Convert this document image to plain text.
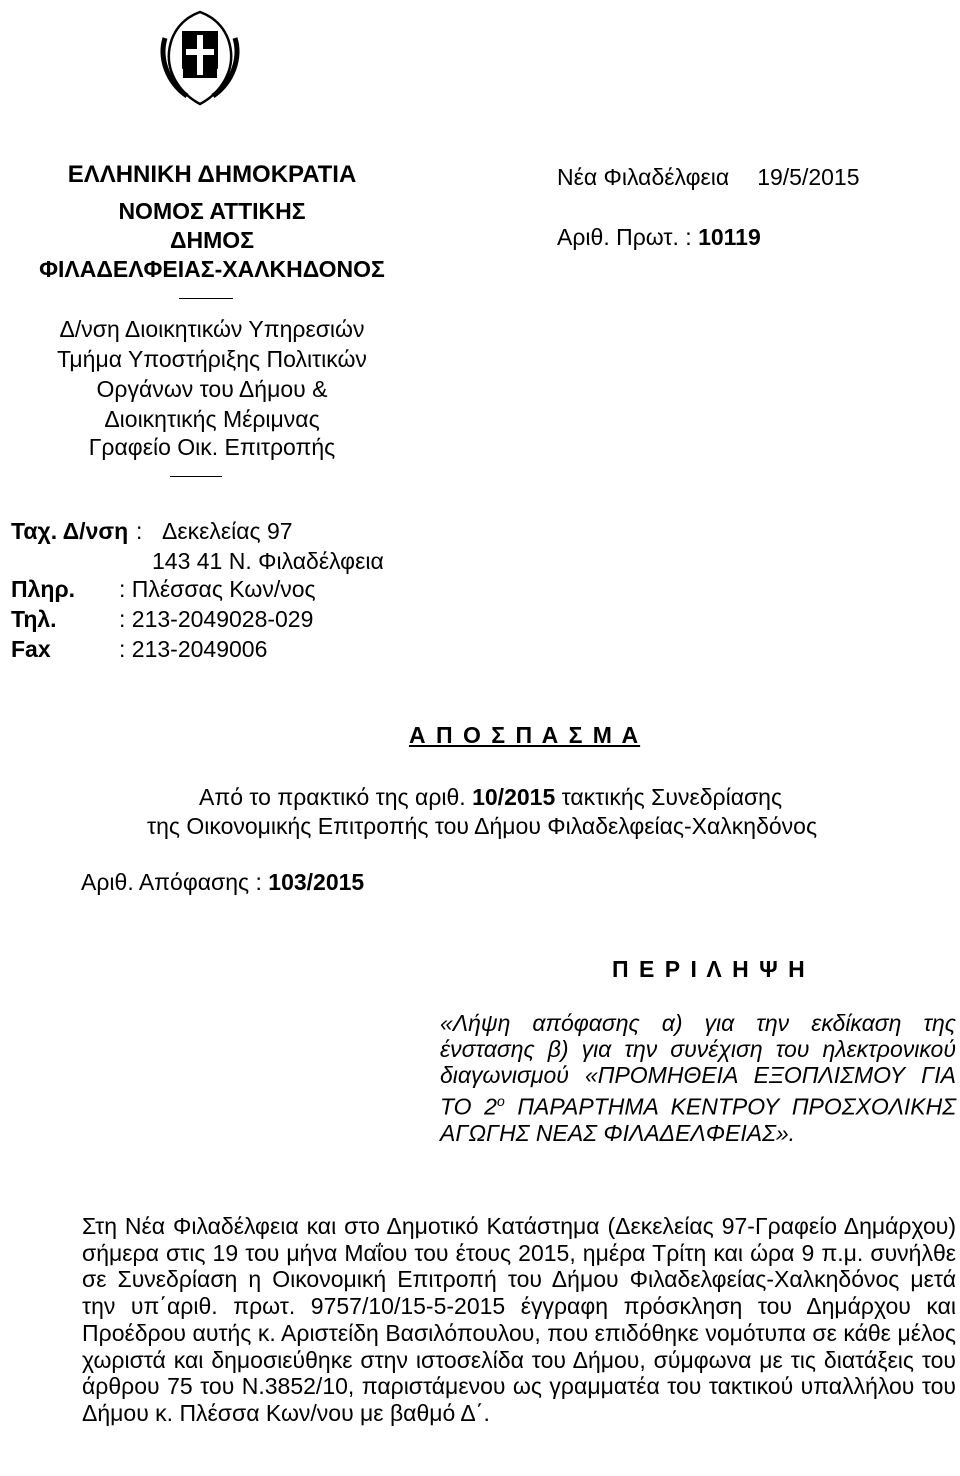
ΕΛΛΗΝΙΚΗ ΔΗΜΟΚΡΑΤΙΑ
ΝΟΜΟΣ ΑΤΤΙΚΗΣ
ΔΗΜΟΣ
ΦΙΛΑΔΕΛΦΕΙΑΣ-ΧΑΛΚΗΔΟΝΟΣ
Δ/νση Διοικητικών Υπηρεσιών
Τμήμα Υποστήριξης Πολιτικών
Οργάνων του Δήμου &
Διοικητικής Μέριμνας
Γραφείο Οικ. Επιτροπής
Νέα Φιλαδέλφεια 19/5/2015
Αριθ. Πρωτ. : 10119
Ταχ. Δ/νση : Δεκελείας 97
143 41 Ν. Φιλαδέλφεια
Πληρ. : Πλέσσας Κων/νος
Τηλ.	: 213-2049028-029
Fax	: 213-2049006
Α Π Ο Σ Π Α Σ Μ Α
Από το πρακτικό της αριθ. 10/2015 τακτικής Συνεδρίασης
της Οικονομικής Επιτροπής του Δήμου Φιλαδελφείας-Χαλκηδόνος
Αριθ. Απόφασης : 103/2015
Π Ε Ρ Ι Λ Η Ψ Η
«Λήψη απόφασης α) για την εκδίκαση της ένστασης β) για την συνέχιση του ηλεκτρονικού διαγωνισμού «ΠΡΟΜΗΘΕΙΑ ΕΞΟΠΛΙΣΜΟΥ ΓΙΑ ΤΟ $2^o$ ΠΑΡΑΡΤΗΜΑ ΚΕΝΤΡΟΥ ΠΡΟΣΧΟΛΙΚΗΣ ΑΓΩΓΗΣ ΝΕΑΣ ΦΙΛΑΔΕΛΦΕΙΑΣ».
Στη Νέα Φιλαδέλφεια και στο Δημοτικό Κατάστημα (Δεκελείας 97-Γραφείο Δημάρχου) σήμερα στις 19 του μήνα Μαΐου του έτους 2015, ημέρα Τρίτη και ώρα 9 π.μ. συνήλθε σε Συνεδρίαση η Οικονομική Επιτροπή του Δήμου Φιλαδελφείας-Χαλκηδόνος μετά την υπ΄αριθ. πρωτ. 9757/10/15-5-2015 έγγραφη πρόσκληση του Δημάρχου και Προέδρου αυτής κ. Αριστείδη Βασιλόπουλου, που επιδόθηκε νομότυπα σε κάθε μέλος χωριστά και δημοσιεύθηκε στην ιστοσελίδα του Δήμου, σύμφωνα με τις διατάξεις του άρθρου 75 του Ν.3852/10, παριστάμενου ως γραμματέα του τακτικού υπαλλήλου του Δήμου κ. Πλέσσα Κων/νου με βαθμό Δ΄.
